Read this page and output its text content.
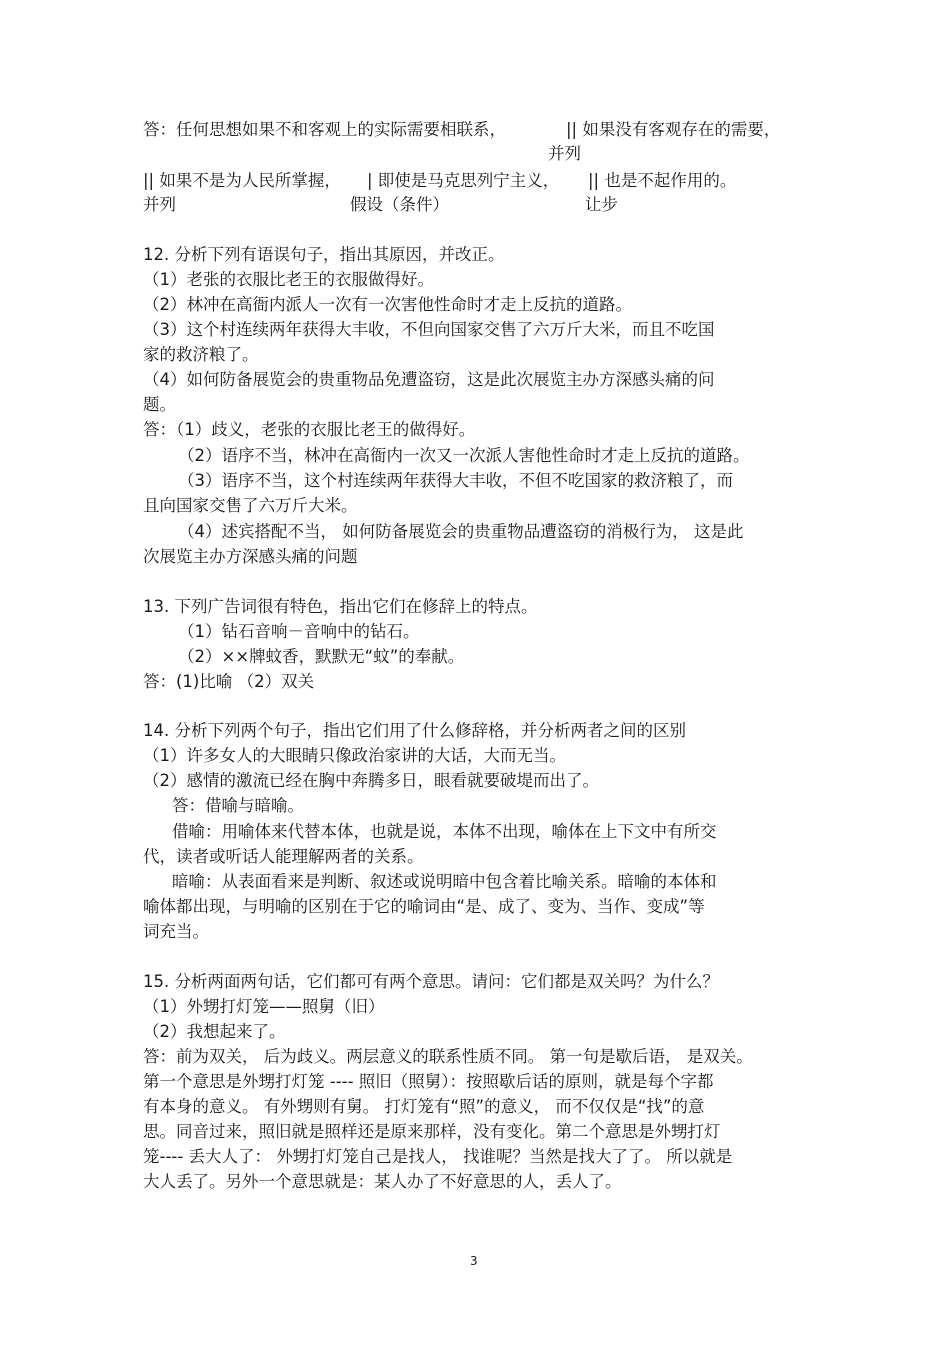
答：任何思想如果不和客观上的实际需要相联系，	|| 如果没有客观存在的需要，
并列
|| 如果不是为人民所掌握， | 即使是马克思列宁主义， || 也是不起作用的。
并列	假设（条件）	让步
12. 分析下列有语误句子，指出其原因，并改正。
（1）老张的衣服比老王的衣服做得好。
（2）林冲在高衙内派人一次有一次害他性命时才走上反抗的道路。
（3）这个村连续两年获得大丰收，不但向国家交售了六万斤大米，而且不吃国
家的救济粮了。
（4）如何防备展览会的贵重物品免遭盗窃，这是此次展览主办方深感头痛的问
题。
答：（1）歧义，老张的衣服比老王的做得好。
（2）语序不当，林冲在高衙内一次又一次派人害他性命时才走上反抗的道路。
（3）语序不当，这个村连续两年获得大丰收，不但不吃国家的救济粮了，而
且向国家交售了六万斤大米。
（4）述宾搭配不当， 如何防备展览会的贵重物品遭盗窃的消极行为， 这是此
次展览主办方深感头痛的问题
13. 下列广告词很有特色，指出它们在修辞上的特点。
（1）钻石音响－音响中的钻石。
（2）××牌蚊香，默默无“蚊”的奉献。
答：(1)比喻 （2）双关
14. 分析下列两个句子，指出它们用了什么修辞格，并分析两者之间的区别
（1）许多女人的大眼睛只像政治家讲的大话，大而无当。
（2）感情的激流已经在胸中奔腾多日，眼看就要破堤而出了。
答：借喻与暗喻。
借喻：用喻体来代替本体，也就是说，本体不出现，喻体在上下文中有所交
代，读者或听话人能理解两者的关系。
暗喻：从表面看来是判断、叙述或说明暗中包含着比喻关系。暗喻的本体和
喻体都出现，与明喻的区别在于它的喻词由“是、成了、变为、当作、变成”等
词充当。
15. 分析两面两句话，它们都可有两个意思。请问：它们都是双关吗？为什么？
（1）外甥打灯笼——照舅（旧）
（2）我想起来了。
答：前为双关， 后为歧义。两层意义的联系性质不同。 第一句是歇后语， 是双关。
第一个意思是外甥打灯笼 ---- 照旧（照舅）：按照歇后话的原则，就是每个字都
有本身的意义。 有外甥则有舅。 打灯笼有“照”的意义， 而不仅仅是“找”的意
思。同音过来，照旧就是照样还是原来那样，没有变化。第二个意思是外甥打灯
笼---- 丢大人了： 外甥打灯笼自己是找人， 找谁呢？当然是找大了了。 所以就是
大人丢了。另外一个意思就是：某人办了不好意思的人，丢人了。
3
